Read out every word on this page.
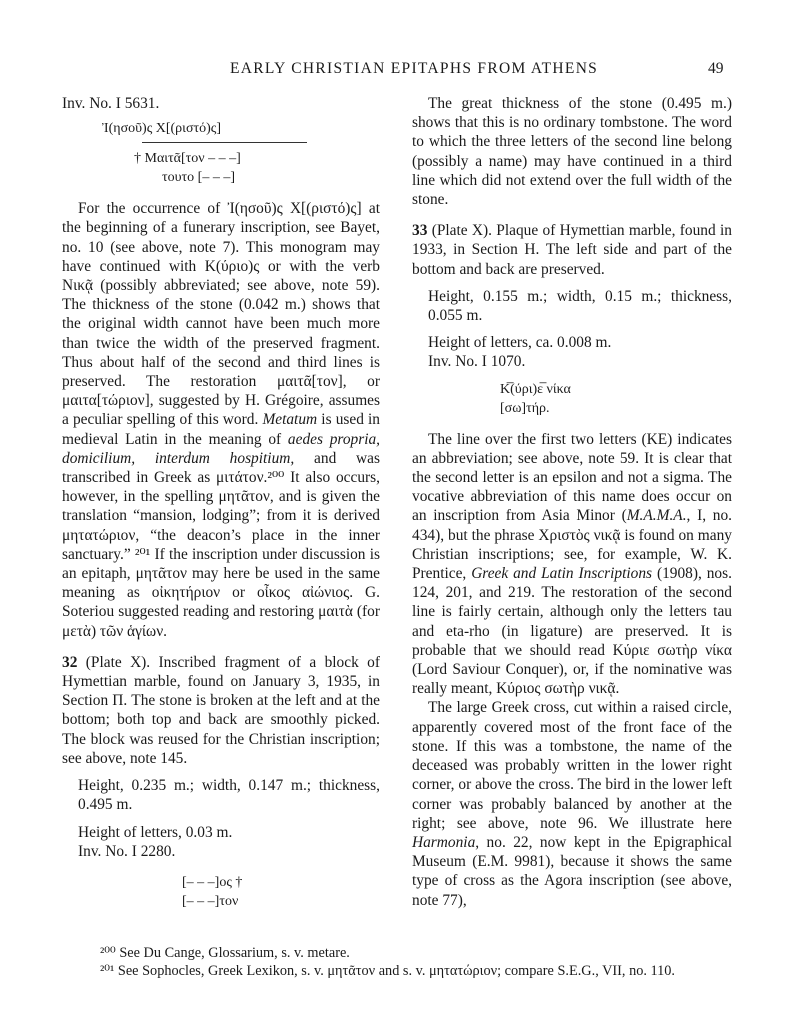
EARLY CHRISTIAN EPITAPHS FROM ATHENS	49

Inv. No. I 5631.

Ἰ(ησοῦ)ς Χ[(ριστό)ς]

† Μαιτᾶ[τον – – –]

τουτο [– – –]

For the occurrence of Ἰ(ησοῦ)ς Χ[(ριστό)ς] at the beginning of a funerary inscription, see Bayet, no. 10 (see above, note 7). This monogram may have continued with Κ(ύριο)ς or with the verb Νικᾷ (possibly abbreviated; see above, note 59). The thickness of the stone (0.042 m.) shows that the original width cannot have been much more than twice the width of the preserved fragment. Thus about half of the second and third lines is preserved. The restoration μαιτᾶ[τον], or μαιτα[τώριον], suggested by H. Grégoire, assumes a peculiar spelling of this word. Metatum is used in medieval Latin in the meaning of aedes propria, domicilium, interdum hospitium, and was transcribed in Greek as μιτάτον.²⁰⁰ It also occurs, however, in the spelling μητᾶτον, and is given the translation “mansion, lodging”; from it is derived μητατώριον, “the deacon’s place in the inner sanctuary.” ²⁰¹ If the inscription under discussion is an epitaph, μητᾶτον may here be used in the same meaning as οἰκητήριον or οἶκος αἰώνιος. G. Soteriou suggested reading and restoring μαιτὰ (for μετὰ) τῶν ἁγίων.

32 (Plate X). Inscribed fragment of a block of Hymettian marble, found on January 3, 1935, in Section Π. The stone is broken at the left and at the bottom; both top and back are smoothly picked. The block was reused for the Christian inscription; see above, note 145.

Height, 0.235 m.; width, 0.147 m.; thickness, 0.495 m.

Height of letters, 0.03 m.

Inv. No. I 2280.

[– – –]ος †

[– – –]τον

The great thickness of the stone (0.495 m.) shows that this is no ordinary tombstone. The word to which the three letters of the second line belong (possibly a name) may have continued in a third line which did not extend over the full width of the stone.

33 (Plate X). Plaque of Hymettian marble, found in 1933, in Section Η. The left side and part of the bottom and back are preserved.

Height, 0.155 m.; width, 0.15 m.; thickness, 0.055 m.

Height of letters, ca. 0.008 m.

Inv. No. I 1070.

Κ̅(ύρι)ε̅ νίκα

[σω]τήρ.

The line over the first two letters (ΚΕ) indicates an abbreviation; see above, note 59. It is clear that the second letter is an epsilon and not a sigma. The vocative abbreviation of this name does occur on an inscription from Asia Minor (M.A.M.A., I, no. 434), but the phrase Χριστὸς νικᾷ is found on many Christian inscriptions; see, for example, W. K. Prentice, Greek and Latin Inscriptions (1908), nos. 124, 201, and 219. The restoration of the second line is fairly certain, although only the letters tau and eta-rho (in ligature) are preserved. It is probable that we should read Κύριε σωτὴρ νίκα (Lord Saviour Conquer), or, if the nominative was really meant, Κύριος σωτὴρ νικᾷ.

The large Greek cross, cut within a raised circle, apparently covered most of the front face of the stone. If this was a tombstone, the name of the deceased was probably written in the lower right corner, or above the cross. The bird in the lower left corner was probably balanced by another at the right; see above, note 96. We illustrate here Harmonia, no. 22, now kept in the Epigraphical Museum (E.M. 9981), because it shows the same type of cross as the Agora inscription (see above, note 77),

²⁰⁰ See Du Cange, Glossarium, s. v. metare.

²⁰¹ See Sophocles, Greek Lexikon, s. v. μητᾶτον and s. v. μητατώριον; compare S.E.G., VII, no. 110.
